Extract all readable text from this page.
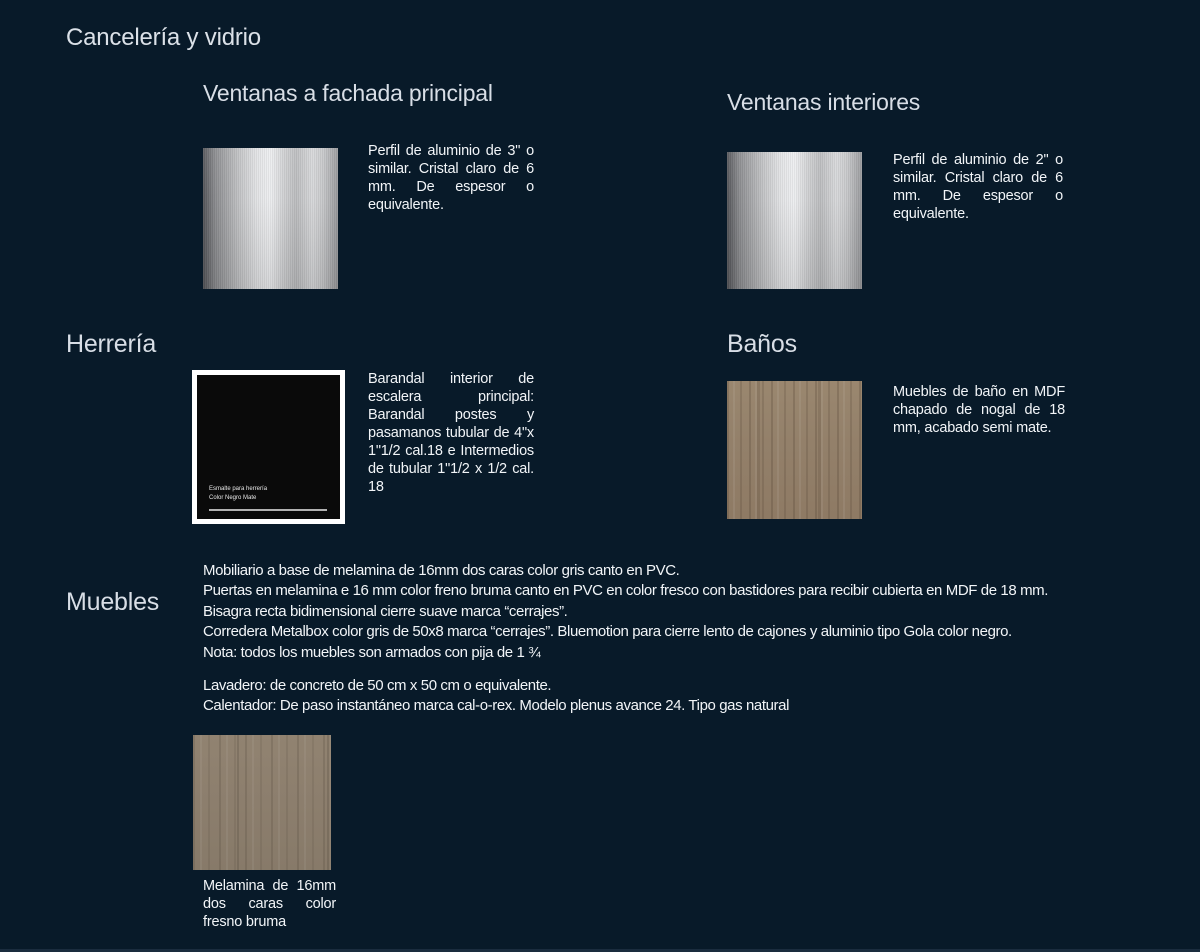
Cancelería y vidrio
Ventanas a fachada principal
Perfil de aluminio de 3" o similar. Cristal claro de 6 mm. De espesor o equivalente.
Ventanas interiores
Perfil de aluminio de 2" o similar. Cristal claro de 6 mm. De espesor o equivalente.
Herrería
Esmalte para herrería
Color Negro Mate
Barandal interior de escalera principal: Barandal postes y pasamanos tubular de 4"x 1"1/2 cal.18 e Intermedios de tubular 1"1/2 x 1/2 cal. 18
Baños
Muebles de baño en MDF chapado de nogal de 18 mm, acabado semi mate.
Muebles
Mobiliario a base de melamina de 16mm dos caras color gris canto en PVC.
Puertas en melamina e 16 mm color freno bruma canto en PVC en color fresco con bastidores para recibir cubierta en MDF de 18 mm.
Bisagra recta bidimensional cierre suave marca “cerrajes”.
Corredera Metalbox color gris de 50x8 marca “cerrajes”. Bluemotion para cierre lento de cajones y aluminio tipo Gola color negro.
Nota: todos los muebles son armados con pija de 1 ¾
Lavadero: de concreto de 50 cm x 50 cm o equivalente.
Calentador: De paso instantáneo marca cal-o-rex. Modelo plenus avance 24. Tipo gas natural
Melamina de 16mm dos caras color fresno bruma
